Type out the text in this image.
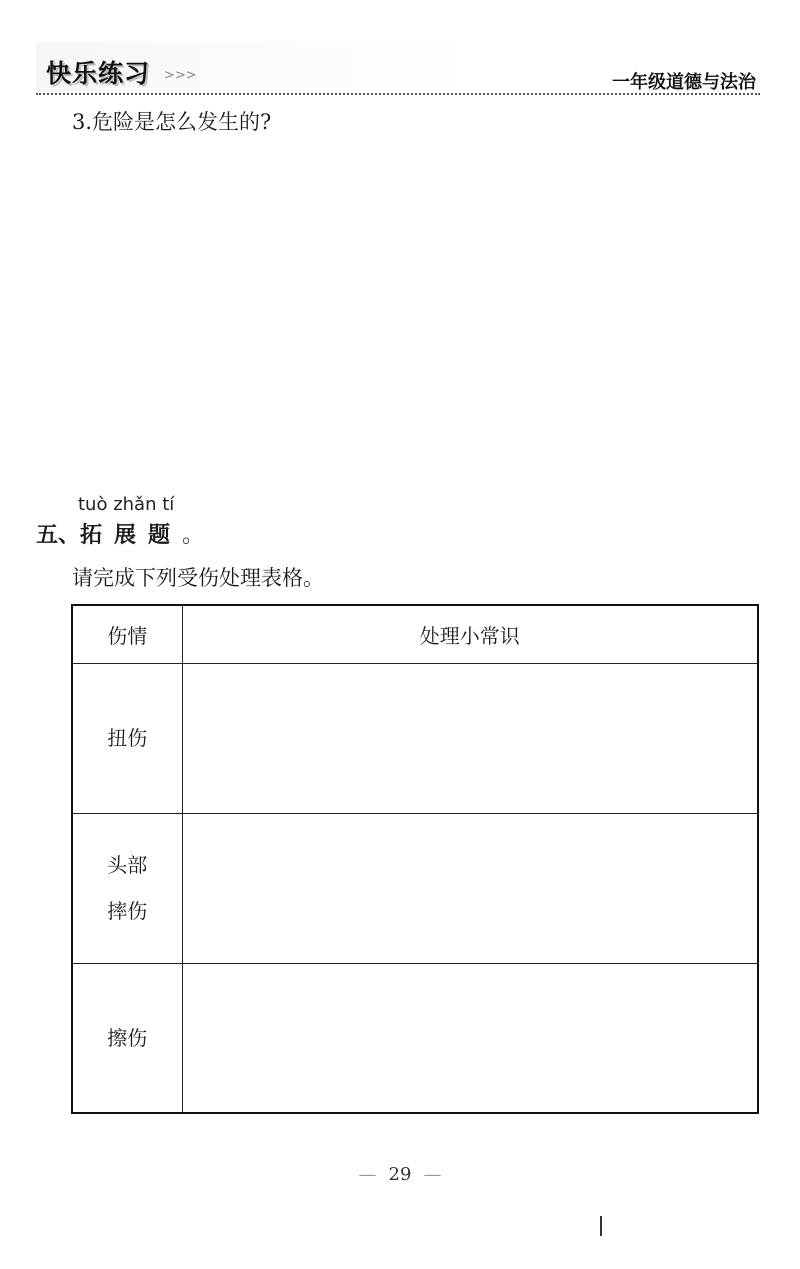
快乐练习 >>>	一年级道德与法治
3.危险是怎么发生的?
tuò zhǎn tí
五、拓展题。
请完成下列受伤处理表格。
伤情	处理小常识

扭伤	

头部
摔伤	

擦伤	

— 29 —
